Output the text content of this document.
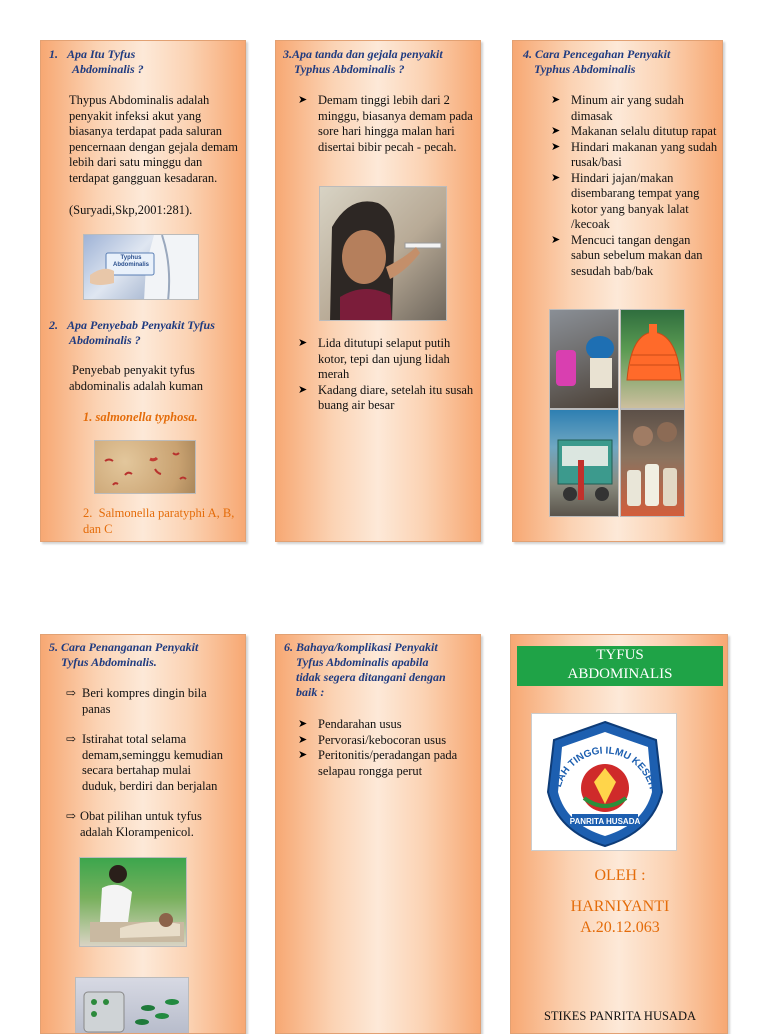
1. Apa Itu Tyfus
Abdominalis ?
Thypus Abdominalis adalah penyakit infeksi akut yang biasanya terdapat pada saluran pencernaan dengan gejala demam lebih dari satu minggu dan terdapat gangguan kesadaran.
(Suryadi,Skp,2001:281).
Typhus Abdominalis
2. Apa Penyebab Penyakit Tyfus
Abdominalis ?
Penyebab penyakit tyfus abdominalis adalah kuman
1. salmonella typhosa.
2. Salmonella paratyphi A, B, dan C
3.Apa tanda dan gejala penyakit
Typhus Abdominalis ?
➤ Demam tinggi lebih dari 2 minggu, biasanya demam pada sore hari hingga malan hari disertai bibir pecah - pecah.
➤ Lida ditutupi selaput putih kotor, tepi dan ujung lidah merah
➤ Kadang diare, setelah itu susah buang air besar
4. Cara Pencegahan Penyakit
Typhus Abdominalis
➤ Minum air yang sudah dimasak
➤ Makanan selalu ditutup rapat
➤ Hindari makanan yang sudah rusak/basi
➤ Hindari jajan/makan disembarang tempat yang kotor yang banyak lalat /kecoak
➤ Mencuci tangan dengan sabun sebelum makan dan sesudah bab/bak
5. Cara Penanganan Penyakit
Tyfus Abdominalis.
⇨ Beri kompres dingin bila panas
⇨ Istirahat total selama demam,seminggu kemudian secara bertahap mulai duduk, berdiri dan berjalan
⇨ Obat pilihan untuk tyfus adalah Klorampenicol.
6. Bahaya/komplikasi Penyakit
Tyfus Abdominalis apabila
tidak segera ditangani dengan
baik :
➤ Pendarahan usus
➤ Pervorasi/kebocoran usus
➤ Peritonitis/peradangan pada selapau rongga perut
TYFUS
ABDOMINALIS
LAH TINGGI ILMU KESEH
PANRITA HUSADA
OLEH :
HARNIYANTI
A.20.12.063
STIKES PANRITA HUSADA
